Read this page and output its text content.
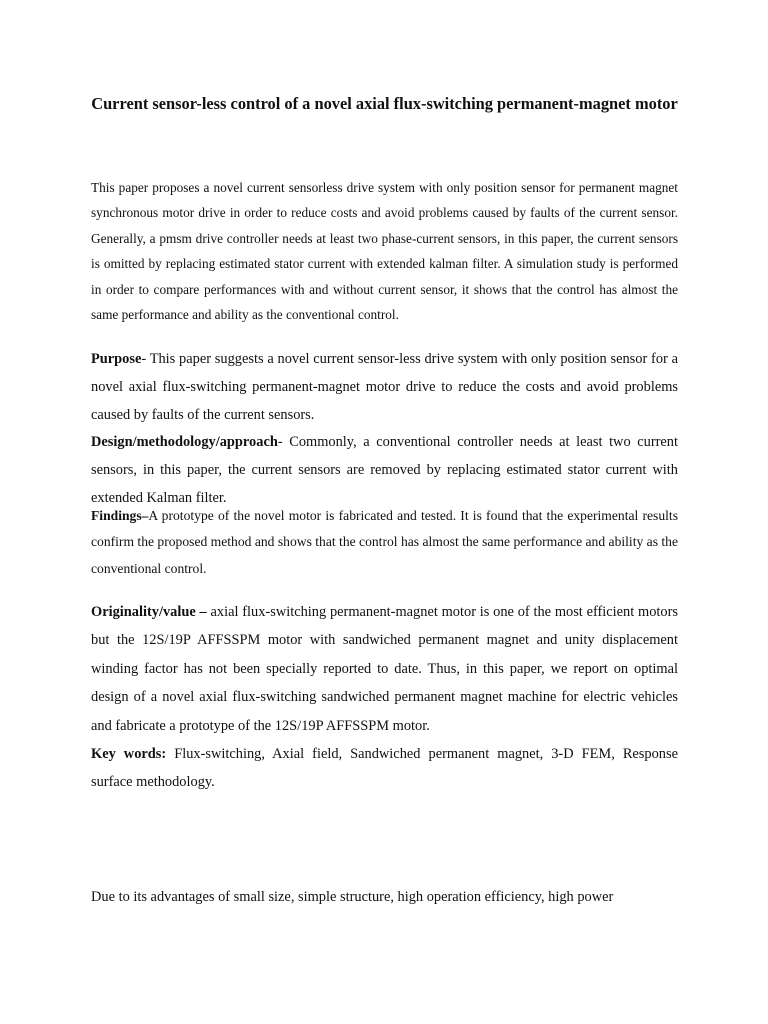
Current sensor-less control of a novel axial flux-switching permanent-magnet motor

This paper proposes a novel current sensorless drive system with only position sensor for permanent magnet synchronous motor drive in order to reduce costs and avoid problems caused by faults of the current sensor. Generally, a pmsm drive controller needs at least two phase-current sensors, in this paper, the current sensors is omitted by replacing estimated stator current with extended kalman filter. A simulation study is performed in order to compare performances with and without current sensor, it shows that the control has almost the same performance and ability as the conventional control.

Purpose- This paper suggests a novel current sensor-less drive system with only position sensor for a novel axial flux-switching permanent-magnet motor drive to reduce the costs and avoid problems caused by faults of the current sensors.

Design/methodology/approach- Commonly, a conventional controller needs at least two current sensors, in this paper, the current sensors are removed by replacing estimated stator current with extended Kalman filter.

Findings–A prototype of the novel motor is fabricated and tested. It is found that the experimental results confirm the proposed method and shows that the control has almost the same performance and ability as the conventional control.

Originality/value – axial flux-switching permanent-magnet motor is one of the most efficient motors but the 12S/19P AFFSSPM motor with sandwiched permanent magnet and unity displacement winding factor has not been specially reported to date. Thus, in this paper, we report on optimal design of a novel axial flux-switching sandwiched permanent magnet machine for electric vehicles and fabricate a prototype of the 12S/19P AFFSSPM motor.

Key words: Flux-switching, Axial field, Sandwiched permanent magnet, 3-D FEM, Response surface methodology.

Due to its advantages of small size, simple structure, high operation efficiency, high power
